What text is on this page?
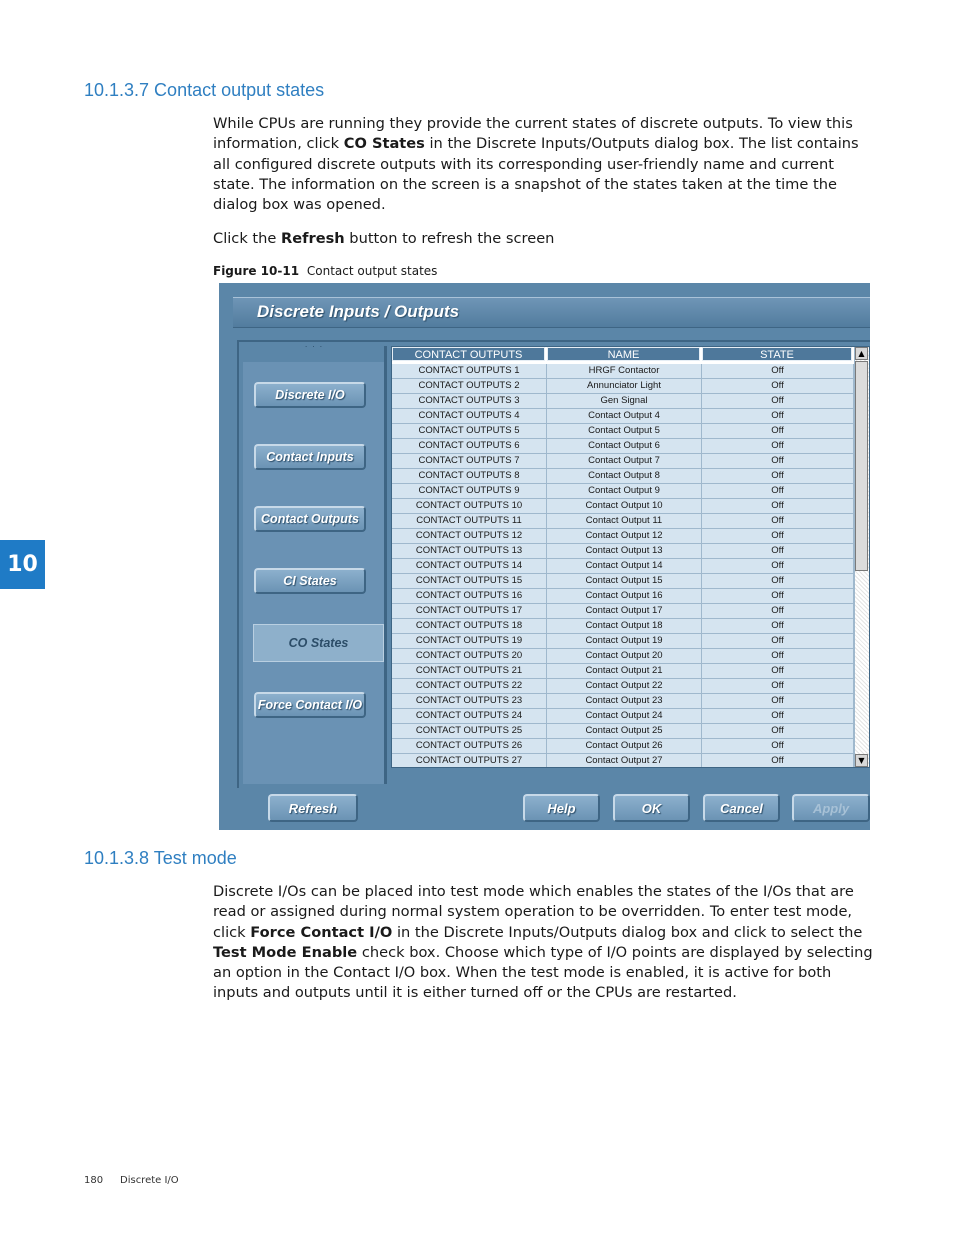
10.1.3.7 Contact output states

While CPUs are running they provide the current states of discrete outputs. To view this information, click CO States in the Discrete Inputs/Outputs dialog box. The list contains all configured discrete outputs with its corresponding user-friendly name and current state. The information on the screen is a snapshot of the states taken at the time the dialog box was opened.

Click the Refresh button to refresh the screen

Figure 10-11 Contact output states

10
Discrete Inputs / Outputs
˙ ˙ ˙
Discrete I/O
Contact Inputs
Contact Outputs
CI States
CO States
Force Contact I/O
CONTACT OUTPUTS	NAME	STATE
CONTACT OUTPUTS 1	HRGF Contactor	Off
CONTACT OUTPUTS 2	Annunciator Light	Off
CONTACT OUTPUTS 3	Gen Signal	Off
CONTACT OUTPUTS 4	Contact Output 4	Off
CONTACT OUTPUTS 5	Contact Output 5	Off
CONTACT OUTPUTS 6	Contact Output 6	Off
CONTACT OUTPUTS 7	Contact Output 7	Off
CONTACT OUTPUTS 8	Contact Output 8	Off
CONTACT OUTPUTS 9	Contact Output 9	Off
CONTACT OUTPUTS 10	Contact Output 10	Off
CONTACT OUTPUTS 11	Contact Output 11	Off
CONTACT OUTPUTS 12	Contact Output 12	Off
CONTACT OUTPUTS 13	Contact Output 13	Off
CONTACT OUTPUTS 14	Contact Output 14	Off
CONTACT OUTPUTS 15	Contact Output 15	Off
CONTACT OUTPUTS 16	Contact Output 16	Off
CONTACT OUTPUTS 17	Contact Output 17	Off
CONTACT OUTPUTS 18	Contact Output 18	Off
CONTACT OUTPUTS 19	Contact Output 19	Off
CONTACT OUTPUTS 20	Contact Output 20	Off
CONTACT OUTPUTS 21	Contact Output 21	Off
CONTACT OUTPUTS 22	Contact Output 22	Off
CONTACT OUTPUTS 23	Contact Output 23	Off
CONTACT OUTPUTS 24	Contact Output 24	Off
CONTACT OUTPUTS 25	Contact Output 25	Off
CONTACT OUTPUTS 26	Contact Output 26	Off
CONTACT OUTPUTS 27	Contact Output 27	Off
▲
▼
Refresh	Help	OK	Cancel	Apply
10.1.3.8 Test mode

Discrete I/Os can be placed into test mode which enables the states of the I/Os that are read or assigned during normal system operation to be overridden. To enter test mode, click Force Contact I/O in the Discrete Inputs/Outputs dialog box and click to select the Test Mode Enable check box. Choose which type of I/O points are displayed by selecting an option in the Contact I/O box. When the test mode is enabled, it is active for both inputs and outputs until it is either turned off or the CPUs are restarted.

180 Discrete I/O
